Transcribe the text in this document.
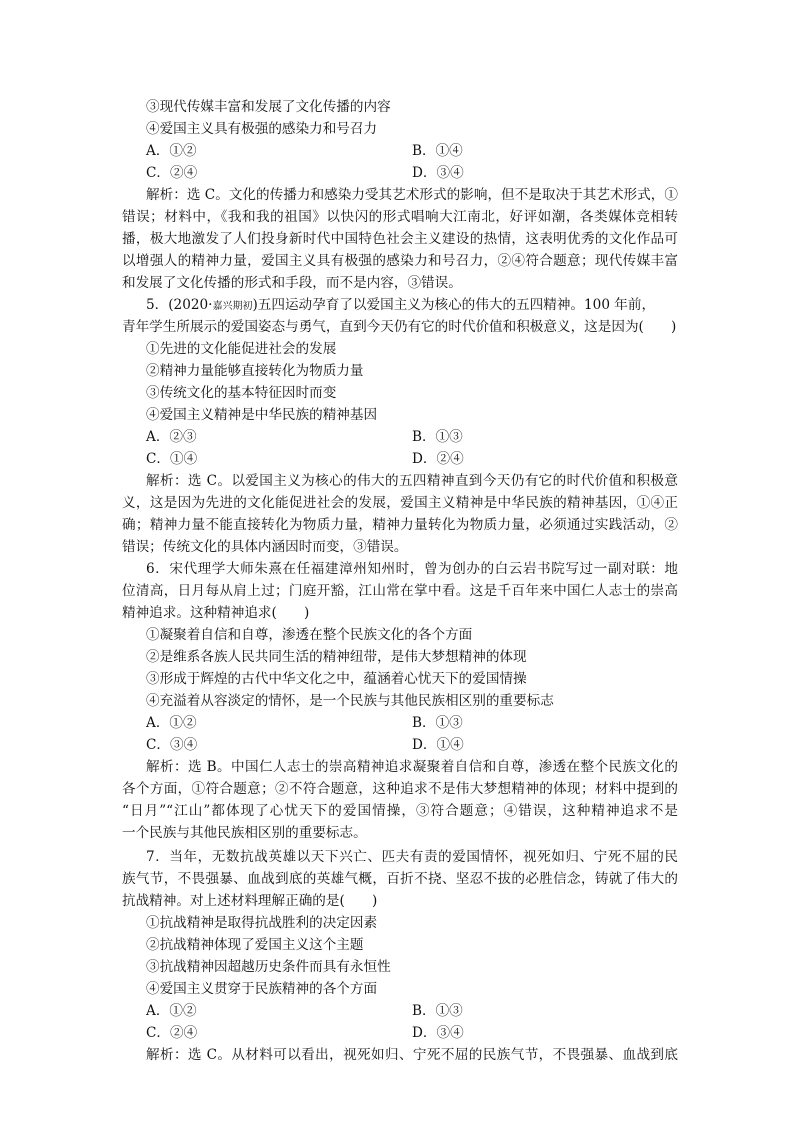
③现代传媒丰富和发展了文化传播的内容
④爱国主义具有极强的感染力和号召力
A．①②	B．①④
C．②④	D．③④
解析：选 C。文化的传播力和感染力受其艺术形式的影响，但不是取决于其艺术形式，①
错误；材料中，《我和我的祖国》以快闪的形式唱响大江南北，好评如潮，各类媒体竞相转
播，极大地激发了人们投身新时代中国特色社会主义建设的热情，这表明优秀的文化作品可
以增强人的精神力量，爱国主义具有极强的感染力和号召力，②④符合题意；现代传媒丰富
和发展了文化传播的形式和手段，而不是内容，③错误。
5．(2020·嘉兴期初)五四运动孕育了以爱国主义为核心的伟大的五四精神。100 年前，
青年学生所展示的爱国姿态与勇气，直到今天仍有它的时代价值和积极意义，这是因为(　　)
①先进的文化能促进社会的发展
②精神力量能够直接转化为物质力量
③传统文化的基本特征因时而变
④爱国主义精神是中华民族的精神基因
A．②③	B．①③
C．①④	D．②④
解析：选 C。以爱国主义为核心的伟大的五四精神直到今天仍有它的时代价值和积极意
义，这是因为先进的文化能促进社会的发展，爱国主义精神是中华民族的精神基因，①④正
确；精神力量不能直接转化为物质力量，精神力量转化为物质力量，必须通过实践活动，②
错误；传统文化的具体内涵因时而变，③错误。
6．宋代理学大师朱熹在任福建漳州知州时，曾为创办的白云岩书院写过一副对联：地
位清高，日月每从肩上过；门庭开豁，江山常在掌中看。这是千百年来中国仁人志士的崇高
精神追求。这种精神追求(　　)
①凝聚着自信和自尊，渗透在整个民族文化的各个方面
②是维系各族人民共同生活的精神纽带，是伟大梦想精神的体现
③形成于辉煌的古代中华文化之中，蕴涵着心忧天下的爱国情操
④充溢着从容淡定的情怀，是一个民族与其他民族相区别的重要标志
A．①②	B．①③
C．③④	D．①④
解析：选 B。中国仁人志士的崇高精神追求凝聚着自信和自尊，渗透在整个民族文化的
各个方面，①符合题意；②不符合题意，这种追求不是伟大梦想精神的体现；材料中提到的
“日月”“江山”都体现了心忧天下的爱国情操，③符合题意；④错误，这种精神追求不是
一个民族与其他民族相区别的重要标志。
7．当年，无数抗战英雄以天下兴亡、匹夫有责的爱国情怀，视死如归、宁死不屈的民
族气节，不畏强暴、血战到底的英雄气概，百折不挠、坚忍不拔的必胜信念，铸就了伟大的
抗战精神。对上述材料理解正确的是(　　)
①抗战精神是取得抗战胜利的决定因素
②抗战精神体现了爱国主义这个主题
③抗战精神因超越历史条件而具有永恒性
④爱国主义贯穿于民族精神的各个方面
A．①②	B．①③
C．②④	D．③④
解析：选 C。从材料可以看出，视死如归、宁死不屈的民族气节，不畏强暴、血战到底
